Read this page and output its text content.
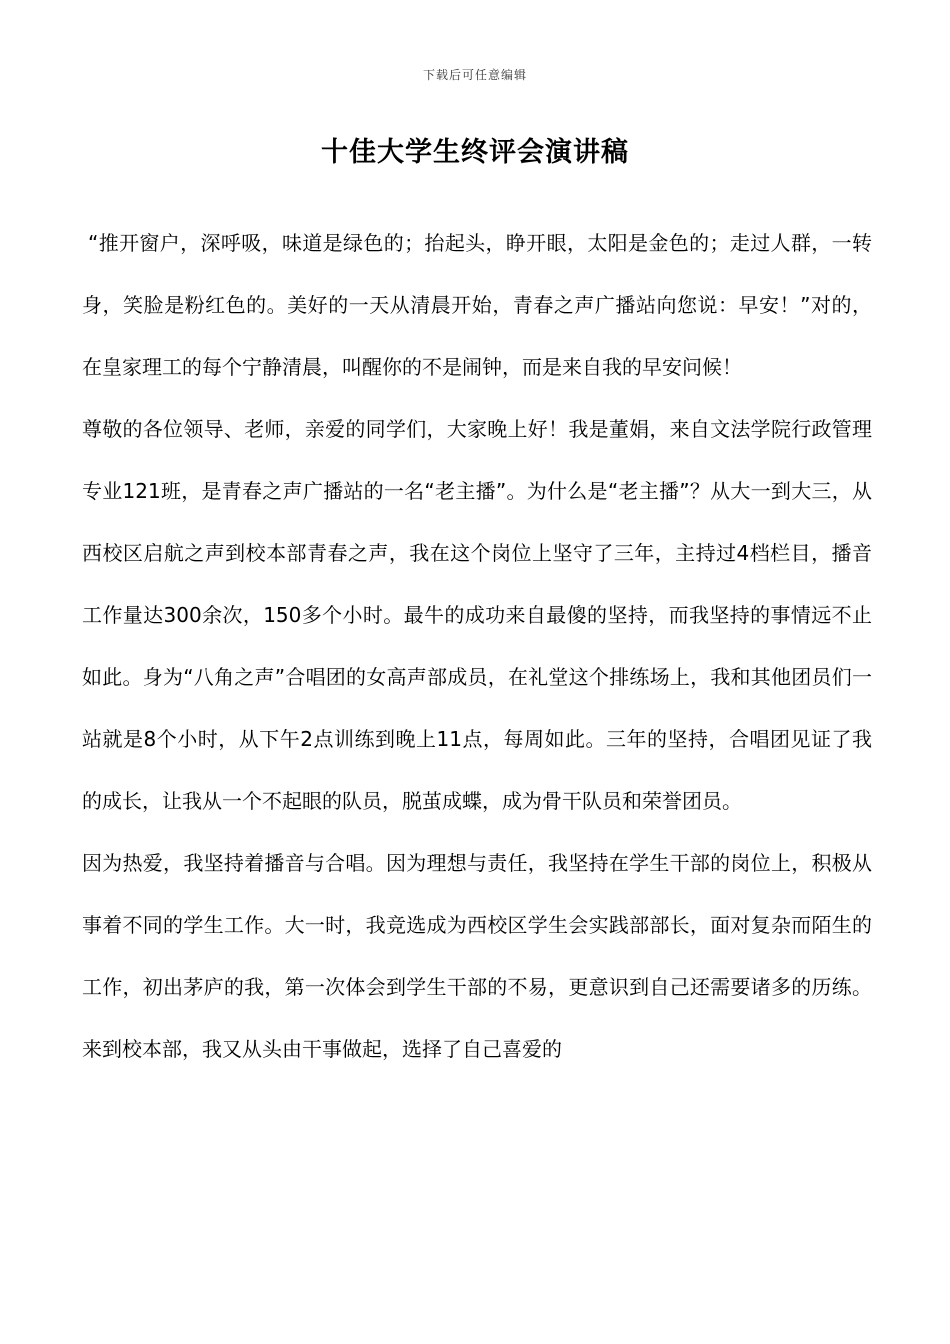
下载后可任意编辑
十佳大学生终评会演讲稿

“推开窗户，深呼吸，味道是绿色的；抬起头，睁开眼，太阳是金色的；走过人群，一转身，笑脸是粉红色的。美好的一天从清晨开始，青春之声广播站向您说：早安！”对的，在皇家理工的每个宁静清晨，叫醒你的不是闹钟，而是来自我的早安问候！

尊敬的各位领导、老师，亲爱的同学们，大家晚上好！我是董娟，来自文法学院行政管理专业121班，是青春之声广播站的一名“老主播”。为什么是“老主播”？从大一到大三，从西校区启航之声到校本部青春之声，我在这个岗位上坚守了三年，主持过4档栏目，播音工作量达300余次，150多个小时。最牛的成功来自最傻的坚持，而我坚持的事情远不止如此。身为“八角之声”合唱团的女高声部成员，在礼堂这个排练场上，我和其他团员们一站就是8个小时，从下午2点训练到晚上11点，每周如此。三年的坚持，合唱团见证了我的成长，让我从一个不起眼的队员，脱茧成蝶，成为骨干队员和荣誉团员。

因为热爱，我坚持着播音与合唱。因为理想与责任，我坚持在学生干部的岗位上，积极从事着不同的学生工作。大一时，我竞选成为西校区学生会实践部部长，面对复杂而陌生的工作，初出茅庐的我，第一次体会到学生干部的不易，更意识到自己还需要诸多的历练。来到校本部，我又从头由干事做起，选择了自己喜爱的
